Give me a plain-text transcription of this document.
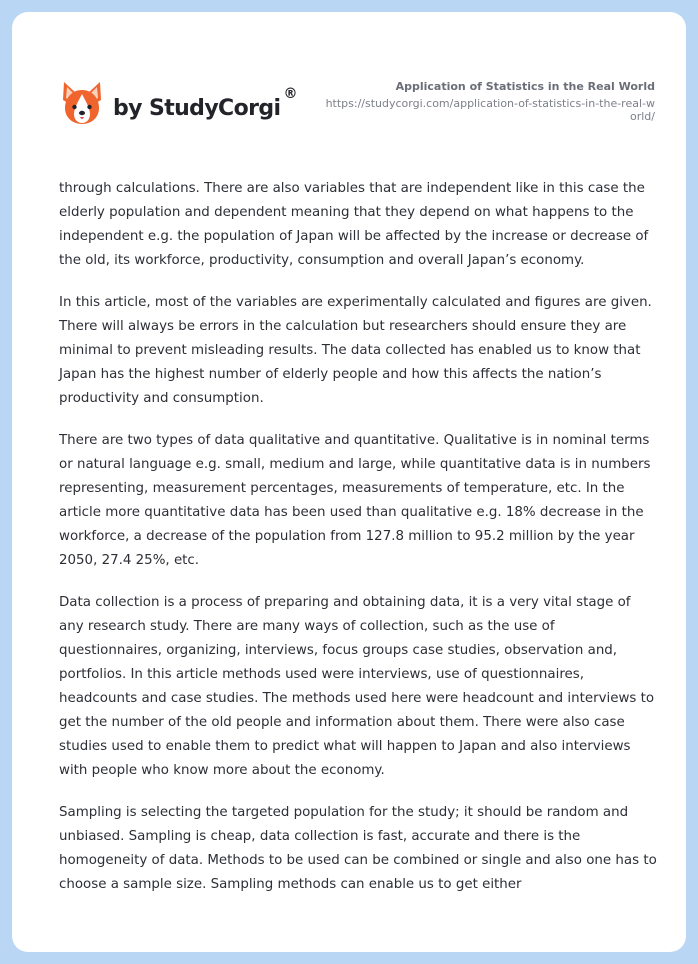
by StudyCorgi
®	Application of Statistics in the Real World
https://studycorgi.com/application-of-statistics-in-the-real-world/

through calculations. There are also variables that are independent like in this case the elderly population and dependent meaning that they depend on what happens to the independent e.g. the population of Japan will be affected by the increase or decrease of the old, its workforce, productivity, consumption and overall Japan’s economy.

In this article, most of the variables are experimentally calculated and figures are given. There will always be errors in the calculation but researchers should ensure they are minimal to prevent misleading results. The data collected has enabled us to know that Japan has the highest number of elderly people and how this affects the nation’s productivity and consumption.

There are two types of data qualitative and quantitative. Qualitative is in nominal terms or natural language e.g. small, medium and large, while quantitative data is in numbers representing, measurement percentages, measurements of temperature, etc. In the article more quantitative data has been used than qualitative e.g. 18% decrease in the workforce, a decrease of the population from 127.8 million to 95.2 million by the year 2050, 27.4 25%, etc.

Data collection is a process of preparing and obtaining data, it is a very vital stage of any research study. There are many ways of collection, such as the use of questionnaires, organizing, interviews, focus groups case studies, observation and, portfolios. In this article methods used were interviews, use of questionnaires, headcounts and case studies. The methods used here were headcount and interviews to get the number of the old people and information about them. There were also case studies used to enable them to predict what will happen to Japan and also interviews with people who know more about the economy.

Sampling is selecting the targeted population for the study; it should be random and unbiased. Sampling is cheap, data collection is fast, accurate and there is the homogeneity of data. Methods to be used can be combined or single and also one has to choose a sample size. Sampling methods can enable us to get either
